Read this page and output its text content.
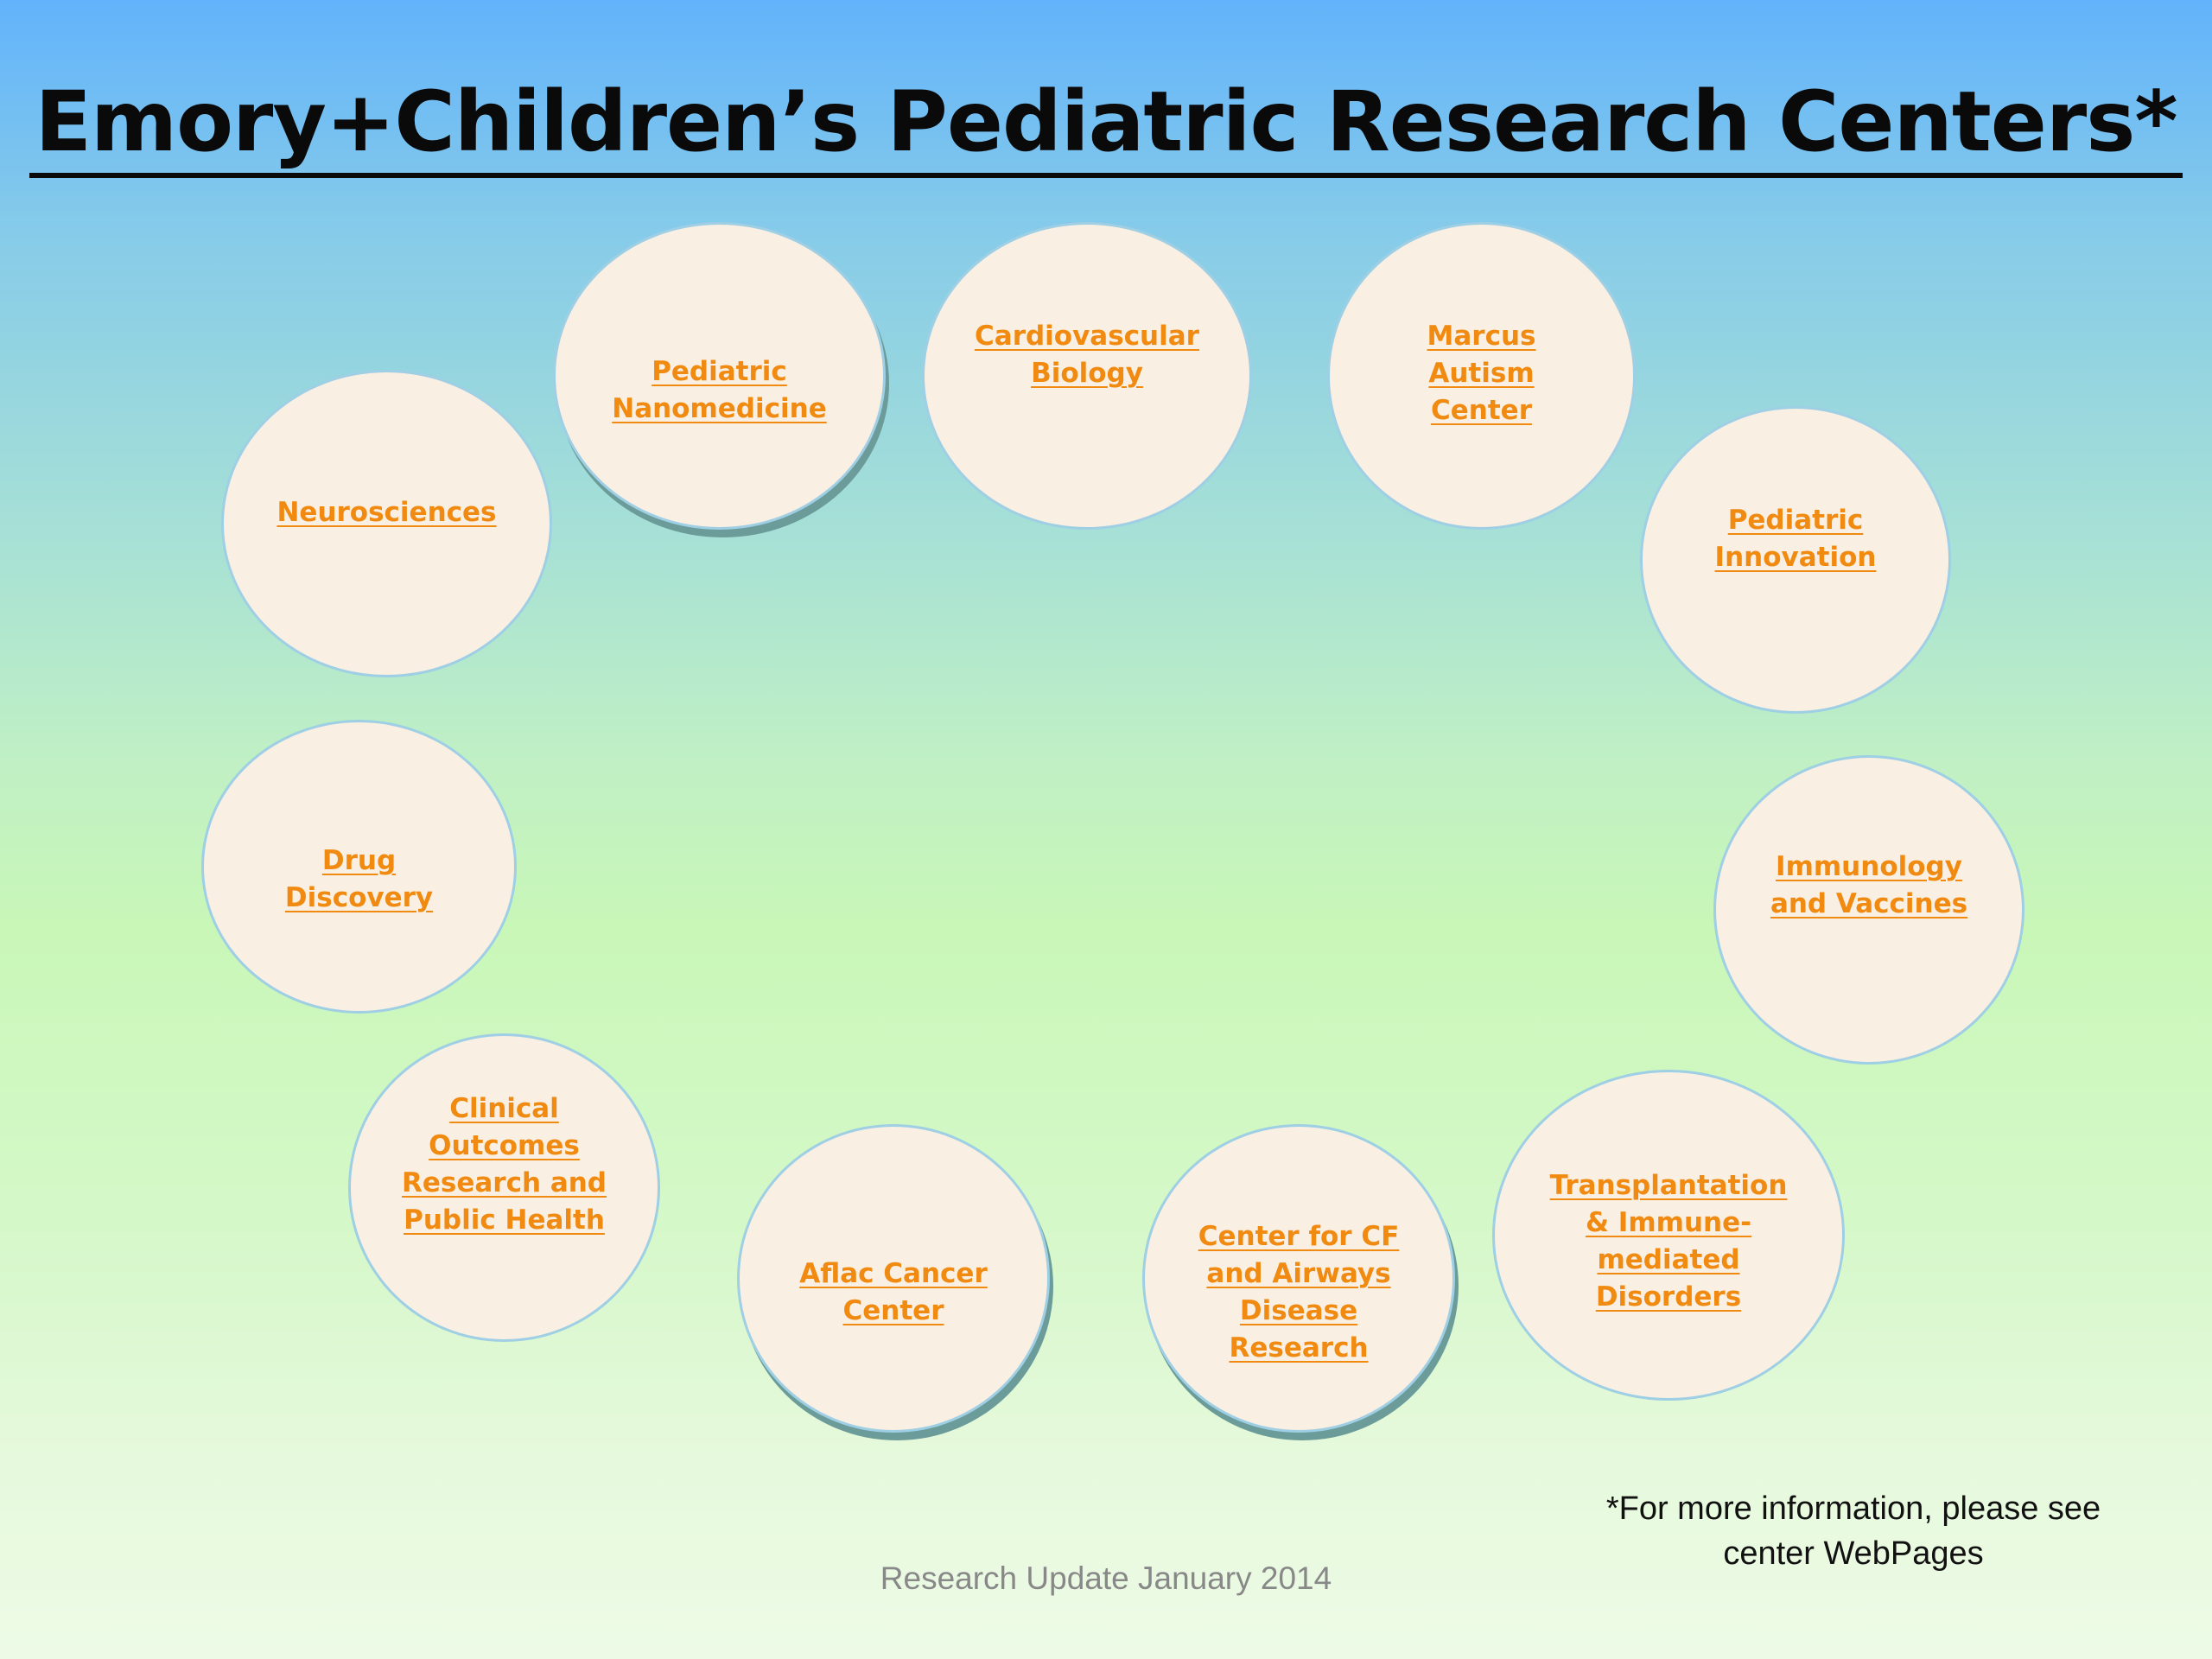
Emory+Children’s Pediatric Research Centers*
Neurosciences
Pediatric
Nanomedicine
Cardiovascular
Biology
Marcus
Autism
Center
Pediatric
Innovation
Drug
Discovery
Immunology
and Vaccines
Clinical
Outcomes
Research and
Public Health
Aflac Cancer
Center
Center for CF
and Airways
Disease
Research
Transplantation
& Immune-
mediated
Disorders
*For more information, please see
center WebPages
Research Update January 2014
